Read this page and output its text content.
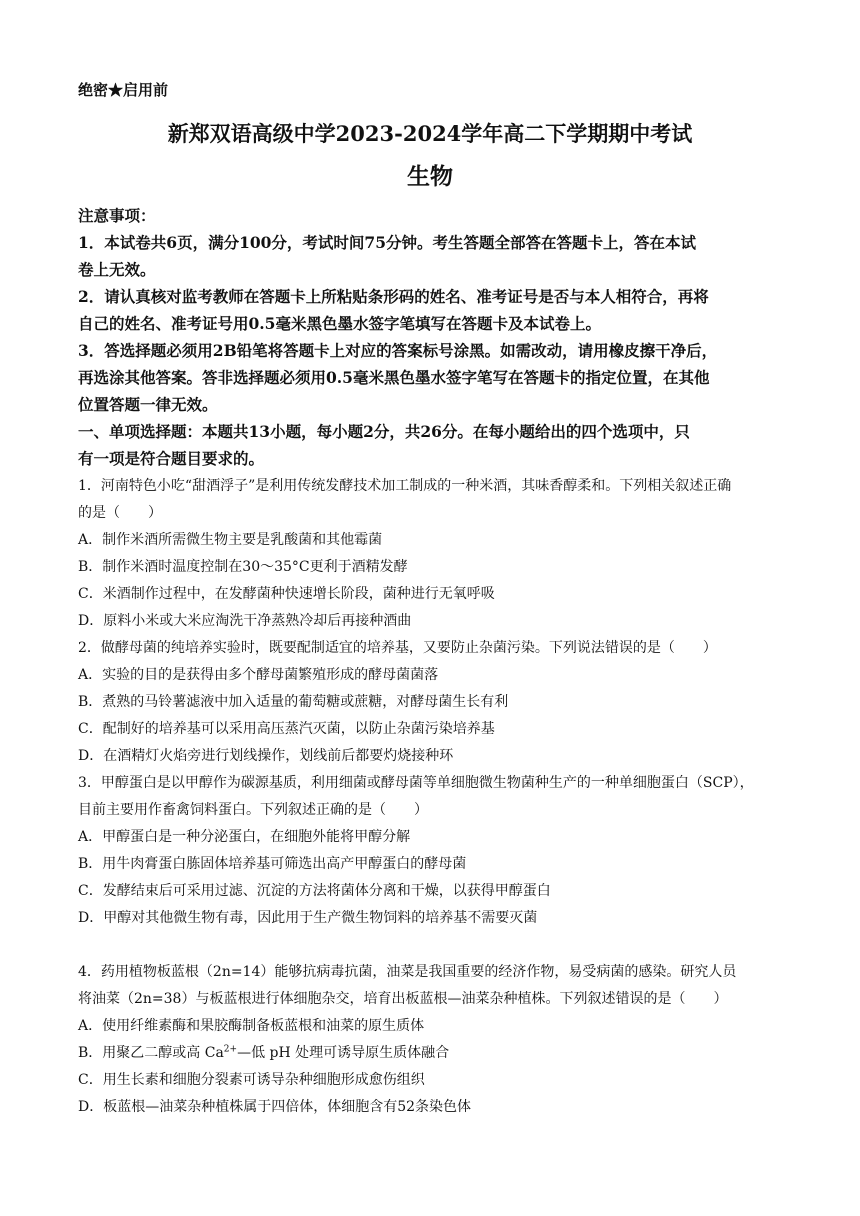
绝密★启用前
新郑双语高级中学2023-2024学年高二下学期期中考试
生物
注意事项：
1．本试卷共6页，满分100分，考试时间75分钟。考生答题全部答在答题卡上，答在本试
卷上无效。
2．请认真核对监考教师在答题卡上所粘贴条形码的姓名、准考证号是否与本人相符合，再将
自己的姓名、准考证号用0.5毫米黑色墨水签字笔填写在答题卡及本试卷上。
3．答选择题必须用2B铅笔将答题卡上对应的答案标号涂黑。如需改动，请用橡皮擦干净后，
再选涂其他答案。答非选择题必须用0.5毫米黑色墨水签字笔写在答题卡的指定位置，在其他
位置答题一律无效。
一、单项选择题：本题共13小题，每小题2分，共26分。在每小题给出的四个选项中，只
有一项是符合题目要求的。
1．河南特色小吃“甜酒浮子”是利用传统发酵技术加工制成的一种米酒，其味香醇柔和。下列相关叙述正确
的是（　　）
A．制作米酒所需微生物主要是乳酸菌和其他霉菌
B．制作米酒时温度控制在30～35°C更利于酒精发酵
C．米酒制作过程中，在发酵菌种快速增长阶段，菌种进行无氧呼吸
D．原料小米或大米应淘洗干净蒸熟冷却后再接种酒曲
2．做酵母菌的纯培养实验时，既要配制适宜的培养基，又要防止杂菌污染。下列说法错误的是（　　）
A．实验的目的是获得由多个酵母菌繁殖形成的酵母菌菌落
B．煮熟的马铃薯滤液中加入适量的葡萄糖或蔗糖，对酵母菌生长有利
C．配制好的培养基可以采用高压蒸汽灭菌，以防止杂菌污染培养基
D．在酒精灯火焰旁进行划线操作，划线前后都要灼烧接种环
3．甲醇蛋白是以甲醇作为碳源基质，利用细菌或酵母菌等单细胞微生物菌种生产的一种单细胞蛋白（SCP），
目前主要用作畜禽饲料蛋白。下列叙述正确的是（　　）
A．甲醇蛋白是一种分泌蛋白，在细胞外能将甲醇分解
B．用牛肉膏蛋白胨固体培养基可筛选出高产甲醇蛋白的酵母菌
C．发酵结束后可采用过滤、沉淀的方法将菌体分离和干燥，以获得甲醇蛋白
D．甲醇对其他微生物有毒，因此用于生产微生物饲料的培养基不需要灭菌
4．药用植物板蓝根（2n=14）能够抗病毒抗菌，油菜是我国重要的经济作物，易受病菌的感染。研究人员
将油菜（2n=38）与板蓝根进行体细胞杂交，培育出板蓝根—油菜杂种植株。下列叙述错误的是（　　）
A．使用纤维素酶和果胶酶制备板蓝根和油菜的原生质体
B．用聚乙二醇或高 $Ca^{2+}—$低 pH 处理可诱导原生质体融合
C．用生长素和细胞分裂素可诱导杂种细胞形成愈伤组织
D．板蓝根—油菜杂种植株属于四倍体，体细胞含有52条染色体
